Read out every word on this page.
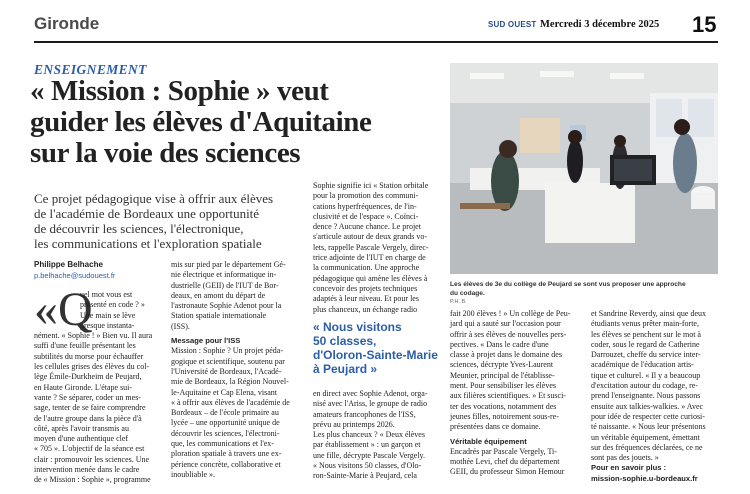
Gironde	SUD OUEST Mercredi 3 décembre 2025 15
ENSEIGNEMENT
« Mission : Sophie » veut
guider les élèves d'Aquitaine
sur la voie des sciences
Ce projet pédagogique vise à offrir aux élèves
de l'académie de Bordeaux une opportunité
de découvrir les sciences, l'électronique,
les communications et l'exploration spatiale
Philippe Belhache
p.belhache@sudouest.fr
«Q
uel mot vous est
présenté en code ? »
Une main se lève
presque instanta-
nément. « Sophie ! » Bien vu. Il aura
suffi d'une feuille présentant les
subtilités du morse pour échauffer
les cellules grises des élèves du col-
lège Émile-Durkheim de Peujard,
en Haute Gironde. L'étape sui-
vante ? Se séparer, coder un mes-
sage, tenter de se faire comprendre
de l'autre groupe dans la pièce d'à
côté, après l'avoir transmis au
moyen d'une authentique clef
« 705 ». L'objectif de la séance est
clair : promouvoir les sciences. Une
intervention menée dans le cadre
de « Mission : Sophie », programme
mis sur pied par le département Gé-
nie électrique et informatique in-
dustrielle (GEII) de l'IUT de Bor-
deaux, en amont du départ de
l'astronaute Sophie Adenot pour la
Station spatiale internationale
(ISS).
Message pour l'ISS
Mission : Sophie ? Un projet péda-
gogique et scientifique, soutenu par
l'Université de Bordeaux, l'Acadé-
mie de Bordeaux, la Région Nouvel-
le-Aquitaine et Cap Elena, visant
« à offrir aux élèves de l'académie de
Bordeaux – de l'école primaire au
lycée – une opportunité unique de
découvrir les sciences, l'électroni-
que, les communications et l'ex-
ploration spatiale à travers une ex-
périence concrète, collaborative et
inoubliable ».
Sophie signifie ici « Station orbitale
pour la promotion des communi-
cations hyperfréquences, de l'in-
clusivité et de l'espace ». Coïnci-
dence ? Aucune chance. Le projet
s'articule autour de deux grands vo-
lets, rappelle Pascale Vergely, direc-
trice adjointe de l'IUT en charge de
la communication. Une approche
pédagogique qui amène les élèves à
concevoir des projets techniques
adaptés à leur niveau. Et pour les
plus chanceux, un échange radio
« Nous visitons
50 classes,
d'Oloron-Sainte-Marie
à Peujard »
en direct avec Sophie Adenot, orga-
nisé avec l'Ariss, le groupe de radio
amateurs francophones de l'ISS,
prévu au printemps 2026.
Les plus chanceux ? « Deux élèves
par établissement » : un garçon et
une fille, décrypte Pascale Vergely.
« Nous visitons 50 classes, d'Olo-
ron-Sainte-Marie à Peujard, cela
Les élèves de 3e du collège de Peujard se sont vus proposer une approche
du codage.
P.H. B.
fait 200 élèves ! » Un collège de Peu-
jard qui a sauté sur l'occasion pour
offrir à ses élèves de nouvelles pers-
pectives. « Dans le cadre d'une
classe à projet dans le domaine des
sciences, décrypte Yves-Laurent
Meunier, principal de l'établisse-
ment. Pour sensibiliser les élèves
aux filières scientifiques. » Et susci-
ter des vocations, notamment des
jeunes filles, notoirement sous-re-
présentées dans ce domaine.
Véritable équipement
Encadrés par Pascale Vergely, Ti-
mothée Levi, chef du département
GEII, du professeur Simon Hemour
et Sandrine Reverdy, ainsi que deux
étudiants venus prêter main-forte,
les élèves se penchent sur le mot à
coder, sous le regard de Catherine
Darrouzet, cheffe du service inter-
académique de l'éducation artis-
tique et culturel. « Il y a beaucoup
d'excitation autour du codage, re-
prend l'enseignante. Nous passons
ensuite aux talkies-walkies. » Avec
pour idée de respecter cette curiosi-
té naissante. « Nous leur présentons
un véritable équipement, émettant
sur des fréquences déclarées, ce ne
sont pas des jouets. »
Pour en savoir plus :
mission-sophie.u-bordeaux.fr
